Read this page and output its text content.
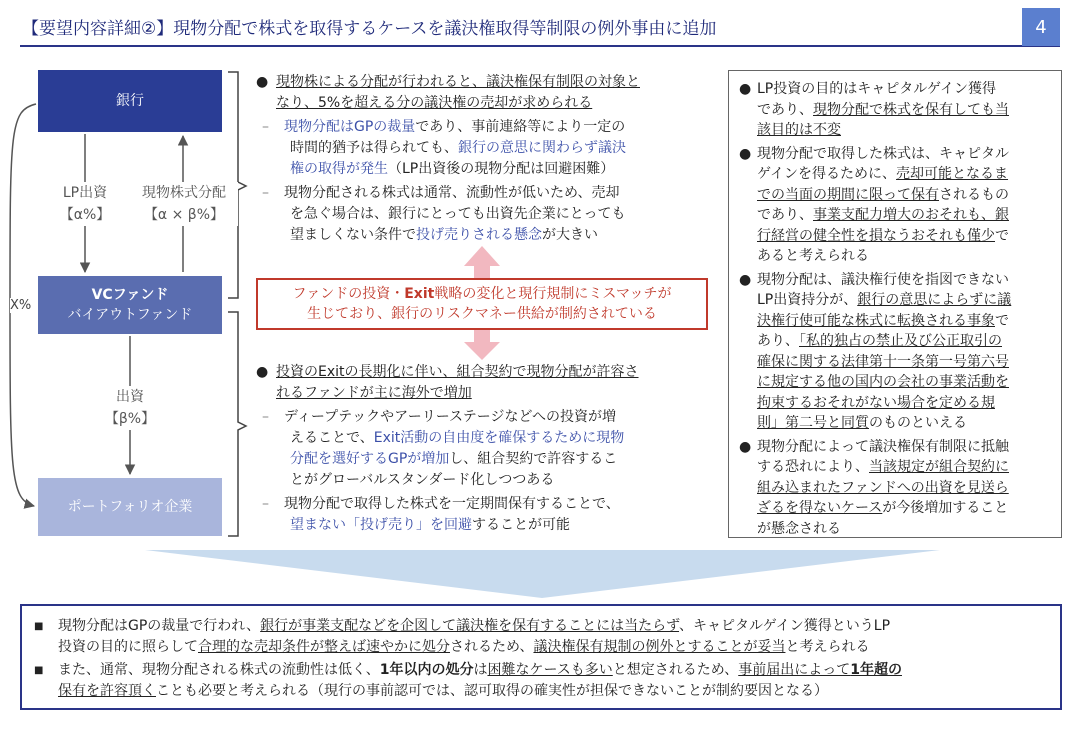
【要望内容詳細②】現物分配で株式を取得するケースを議決権取得等制限の例外事由に追加	4
銀行
VCファンド
バイアウトファンド
ポートフォリオ企業
LP出資
【α%】
現物株式分配
【α × β%】
出資
【β%】
X%
● 現物株による分配が行われると、議決権保有制限の対象と
なり、5%を超える分の議決権の売却が求められる
– 現物分配はGPの裁量であり、事前連絡等により一定の
時間的猶予は得られても、銀行の意思に関わらず議決
権の取得が発生（LP出資後の現物分配は回避困難）
– 現物分配される株式は通常、流動性が低いため、売却
を急ぐ場合は、銀行にとっても出資先企業にとっても
望ましくない条件で投げ売りされる懸念が大きい
ファンドの投資・Exit戦略の変化と現行規制にミスマッチが
生じており、銀行のリスクマネー供給が制約されている
● 投資のExitの長期化に伴い、組合契約で現物分配が許容さ
れるファンドが主に海外で増加
– ディープテックやアーリーステージなどへの投資が増
えることで、Exit活動の自由度を確保するために現物
分配を選好するGPが増加し、組合契約で許容するこ
とがグローバルスタンダード化しつつある
– 現物分配で取得した株式を一定期間保有することで、
望まない「投げ売り」を回避することが可能
● LP投資の目的はキャピタルゲイン獲得
であり、現物分配で株式を保有しても当
該目的は不変
● 現物分配で取得した株式は、キャピタル
ゲインを得るために、売却可能となるま
での当面の期間に限って保有されるもの
であり、事業支配力増大のおそれも、銀
行経営の健全性を損なうおそれも僅少で
あると考えられる
● 現物分配は、議決権行使を指図できない
LP出資持分が、銀行の意思によらずに議
決権行使可能な株式に転換される事象で
あり、「私的独占の禁止及び公正取引の
確保に関する法律第十一条第一号第六号
に規定する他の国内の会社の事業活動を
拘束するおそれがない場合を定める規
則」第二号と同質のものといえる
● 現物分配によって議決権保有制限に抵触
する恐れにより、当該規定が組合契約に
組み込まれたファンドへの出資を見送ら
ざるを得ないケースが今後増加すること
が懸念される
■	現物分配はGPの裁量で行われ、銀行が事業支配などを企図して議決権を保有することには当たらず、キャピタルゲイン獲得というLP
投資の目的に照らして合理的な売却条件が整えば速やかに処分されるため、議決権保有規制の例外とすることが妥当と考えられる
■	また、通常、現物分配される株式の流動性は低く、1年以内の処分は困難なケースも多いと想定されるため、事前届出によって1年超の
保有を許容頂くことも必要と考えられる（現行の事前認可では、認可取得の確実性が担保できないことが制約要因となる）
